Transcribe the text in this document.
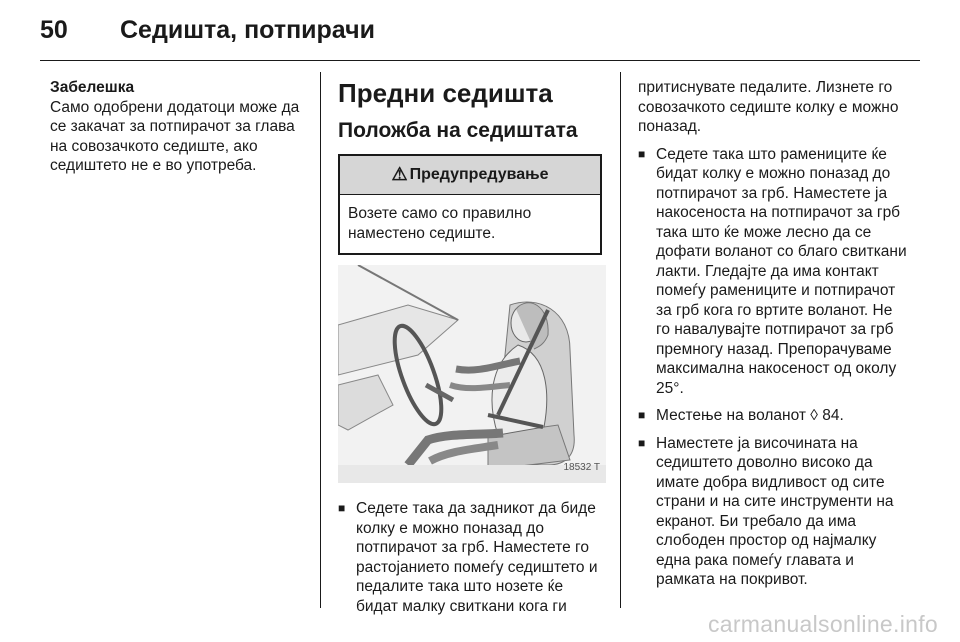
50 Седишта, потпирачи
Забелешка
Само одобрени додатоци може да се закачат за потпирачот за глава на совозачкото седиште, ако седиштето не е во употреба.
Предни седишта
Положба на седиштата
⚠ Предупредување
Возете само со правилно наместено седиште.
18532 T
■ Седете така да задникот да биде колку е можно поназад до потпирачот за грб. Наместете го растојанието помеѓу седиштето и педалите така што нозете ќе бидат малку свиткани кога ги
притиснувате педалите. Лизнете го совозачкото седиште колку е можно поназад.
■ Седете така што рамениците ќе бидат колку е можно поназад до потпирачот за грб. Наместете ја накосеноста на потпирачот за грб така што ќе може лесно да се дофати воланот со благо свиткани лакти. Гледајте да има контакт помеѓу рамениците и потпирачот за грб кога го вртите воланот. Не го навалувајте потпирачот за грб премногу назад. Препорачуваме максимална накосеност од околу 25°.
■ Местење на воланот ◊ 84.
■ Наместете ја височината на седиштето доволно високо да имате добра видливост од сите страни и на сите инструменти на екранот. Би требало да има слободен простор од најмалку една рака помеѓу главата и рамката на покривот.
carmanualsonline.info
